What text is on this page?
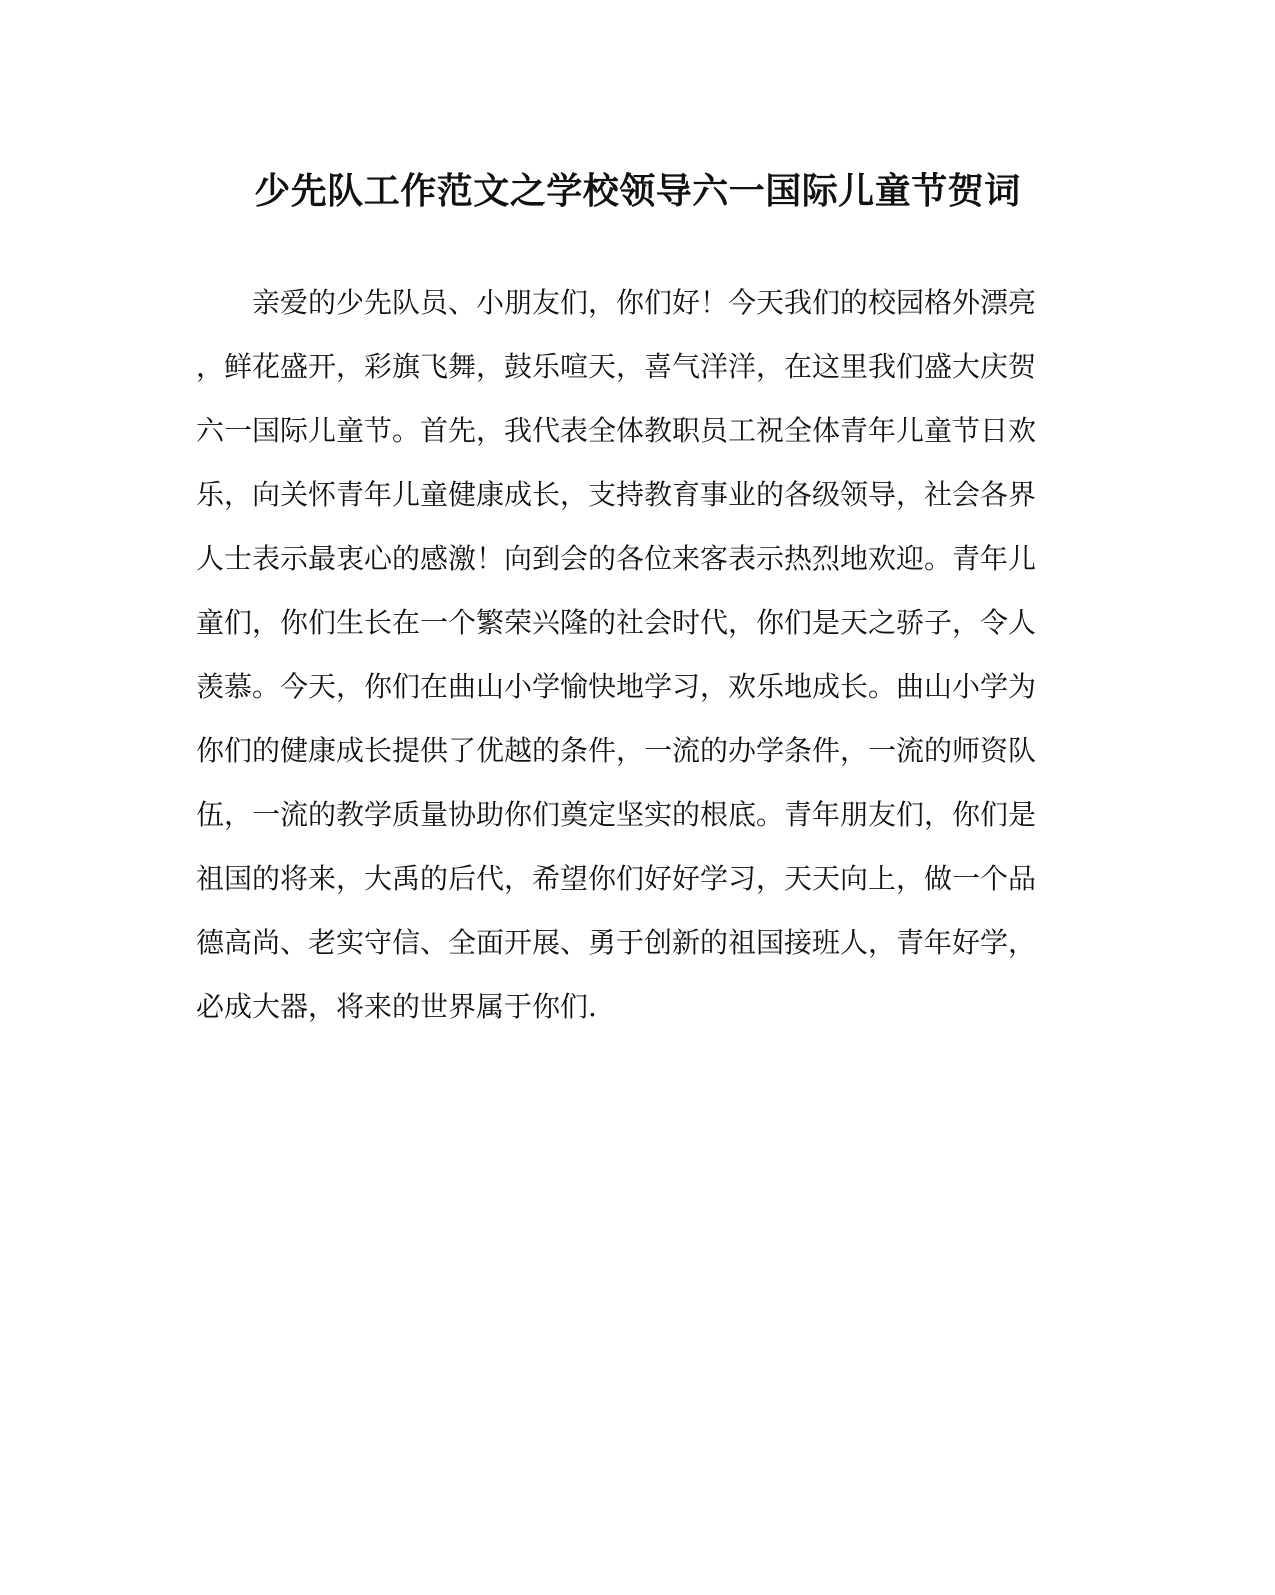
少先队工作范文之学校领导六一国际儿童节贺词
亲爱的少先队员、小朋友们，你们好！今天我们的校园格外漂亮
，鲜花盛开，彩旗飞舞，鼓乐喧天，喜气洋洋，在这里我们盛大庆贺
六一国际儿童节。首先，我代表全体教职员工祝全体青年儿童节日欢
乐，向关怀青年儿童健康成长，支持教育事业的各级领导，社会各界
人士表示最衷心的感激！向到会的各位来客表示热烈地欢迎。青年儿
童们，你们生长在一个繁荣兴隆的社会时代，你们是天之骄子，令人
羡慕。今天，你们在曲山小学愉快地学习，欢乐地成长。曲山小学为
你们的健康成长提供了优越的条件，一流的办学条件，一流的师资队
伍，一流的教学质量协助你们奠定坚实的根底。青年朋友们，你们是
祖国的将来，大禹的后代，希望你们好好学习，天天向上，做一个品
德高尚、老实守信、全面开展、勇于创新的祖国接班人，青年好学，
必成大器，将来的世界属于你们.
